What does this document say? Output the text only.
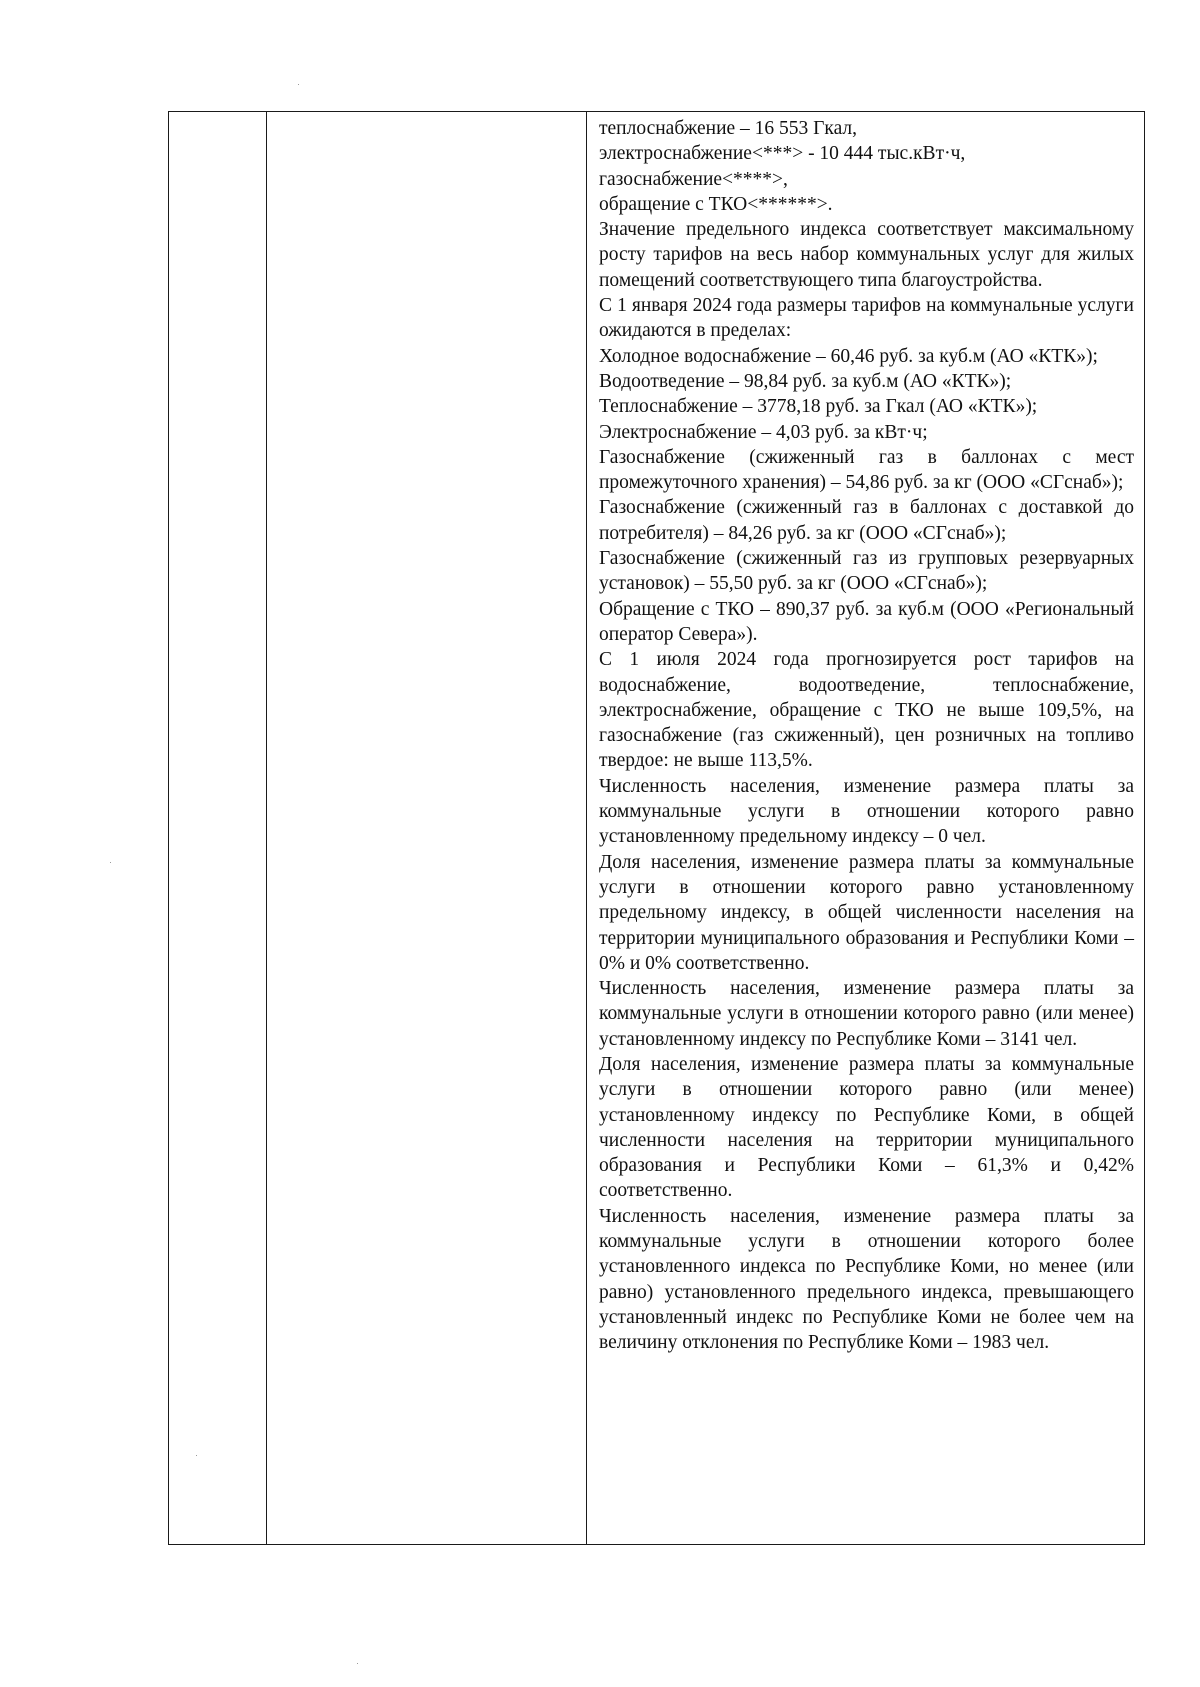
теплоснабжение – 16 553 Гкал,

электроснабжение<***> - 10 444 тыс.кВт·ч,

газоснабжение<****>,

обращение с ТКО<******>.

Значение предельного индекса соответствует максимальному росту тарифов на весь набор коммунальных услуг для жилых помещений соответствующего типа благоустройства.

С 1 января 2024 года размеры тарифов на коммунальные услуги ожидаются в пределах:

Холодное водоснабжение – 60,46 руб. за куб.м (АО «КТК»);

Водоотведение – 98,84 руб. за куб.м (АО «КТК»);

Теплоснабжение – 3778,18 руб. за Гкал (АО «КТК»);

Электроснабжение – 4,03 руб. за кВт·ч;

Газоснабжение (сжиженный газ в баллонах с мест промежуточного хранения) – 54,86 руб. за кг (ООО «СГснаб»);

Газоснабжение (сжиженный газ в баллонах с доставкой до потребителя) – 84,26 руб. за кг (ООО «СГснаб»);

Газоснабжение (сжиженный газ из групповых резервуарных установок) – 55,50 руб. за кг (ООО «СГснаб»);

Обращение с ТКО – 890,37 руб. за куб.м (ООО «Региональный оператор Севера»).

С 1 июля 2024 года прогнозируется рост тарифов на водоснабжение, водоотведение, теплоснабжение, электроснабжение, обращение с ТКО не выше 109,5%, на газоснабжение (газ сжиженный), цен розничных на топливо твердое: не выше 113,5%.

Численность населения, изменение размера платы за коммунальные услуги в отношении которого равно установленному предельному индексу – 0 чел.

Доля населения, изменение размера платы за коммунальные услуги в отношении которого равно установленному предельному индексу, в общей численности населения на территории муниципального образования и Республики Коми – 0% и 0% соответственно.

Численность населения, изменение размера платы за коммунальные услуги в отношении которого равно (или менее) установленному индексу по Республике Коми – 3141 чел.

Доля населения, изменение размера платы за коммунальные услуги в отношении которого равно (или менее) установленному индексу по Республике Коми, в общей численности населения на территории муниципального образования и Республики Коми – 61,3% и 0,42% соответственно.

Численность населения, изменение размера платы за коммунальные услуги в отношении которого более установленного индекса по Республике Коми, но менее (или равно) установленного предельного индекса, превышающего установленный индекс по Республике Коми не более чем на величину отклонения по Республике Коми – 1983 чел.
